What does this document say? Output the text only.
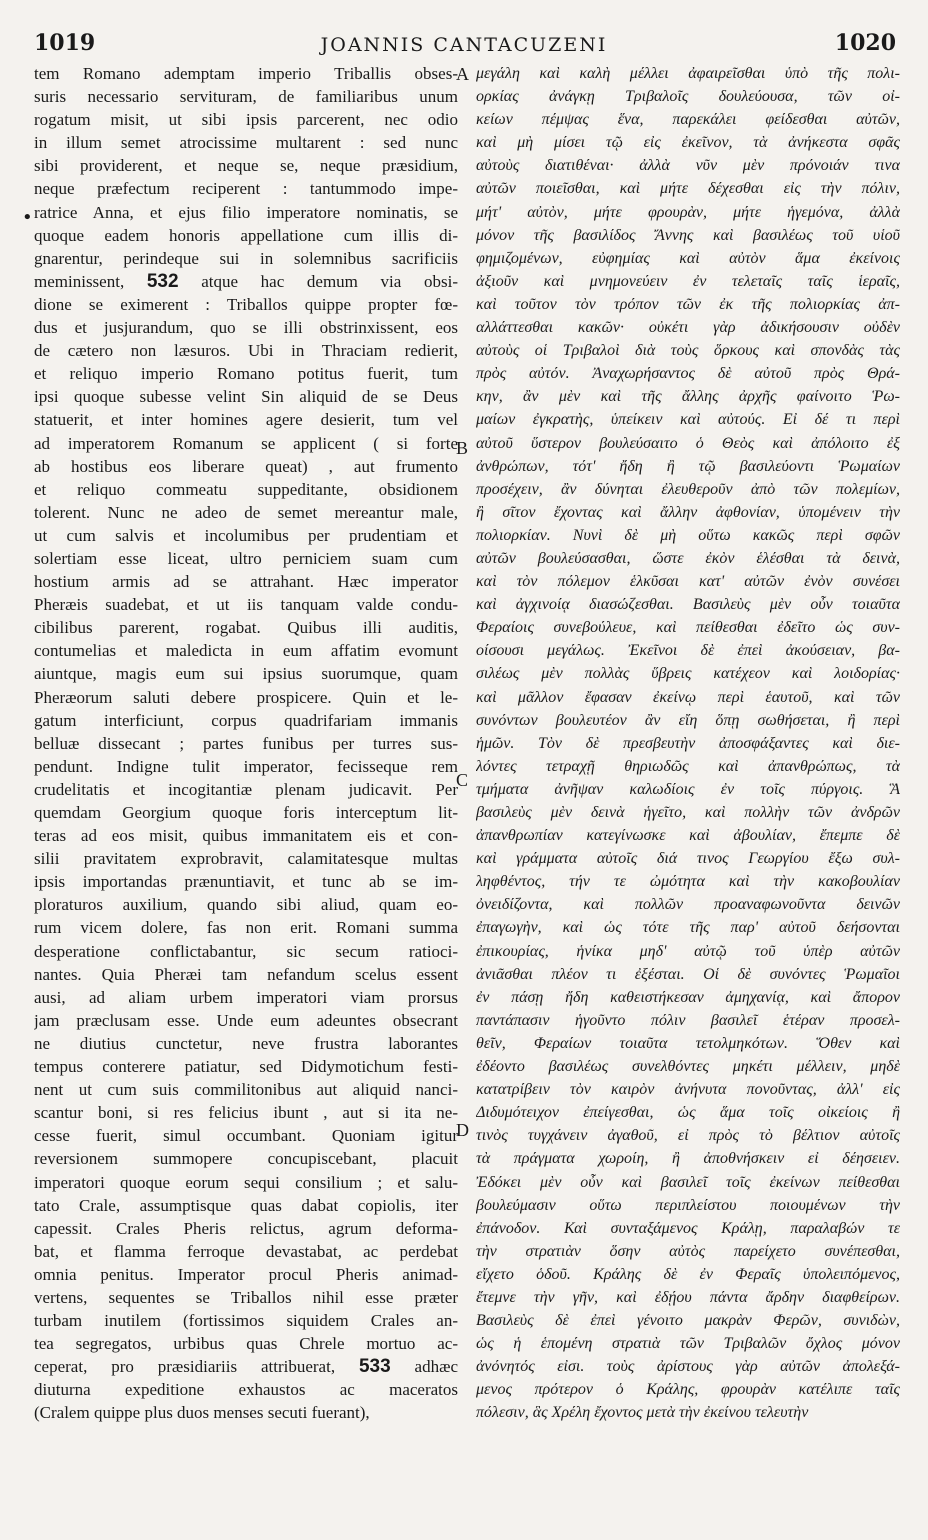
1019	JOANNIS CANTACUZENI	1020
•
tem Romano ademptam imperio Triballis obses-
suris necessario servituram, de familiaribus unum
rogatum misit, ut sibi ipsis parcerent, nec odio
in illum semet atrocissime multarent : sed nunc
sibi providerent, et neque se, neque præsidium,
neque præfectum reciperent : tantummodo impe-
ratrice Anna, et ejus filio imperatore nominatis, se
quoque eadem honoris appellatione cum illis di-
gnarentur, perindeque sui in solemnibus sacrificiis
meminissent, 532 atque hac demum via obsi-
dione se eximerent : Triballos quippe propter fœ-
dus et jusjurandum, quo se illi obstrinxissent, eos
de cætero non læsuros. Ubi in Thraciam redierit,
et reliquo imperio Romano potitus fuerit, tum
ipsi quoque subesse velint Sin aliquid de se Deus
statuerit, et inter homines agere desierit, tum vel
ad imperatorem Romanum se applicent ( si forte
ab hostibus eos liberare queat) , aut frumento
et reliquo commeatu suppeditante, obsidionem
tolerent. Nunc ne adeo de semet mereantur male,
ut cum salvis et incolumibus per prudentiam et
solertiam esse liceat, ultro perniciem suam cum
hostium armis ad se attrahant. Hæc imperator
Pheræis suadebat, et ut iis tanquam valde condu-
cibilibus parerent, rogabat. Quibus illi auditis,
contumelias et maledicta in eum affatim evomunt
aiuntque, magis eum sui ipsius suorumque, quam
Pheræorum saluti debere prospicere. Quin et le-
gatum interficiunt, corpus quadrifariam immanis
belluæ dissecant ; partes funibus per turres sus-
pendunt. Indigne tulit imperator, fecisseque rem
crudelitatis et incogitantiæ plenam judicavit. Per
quemdam Georgium quoque foris interceptum lit-
teras ad eos misit, quibus immanitatem eis et con-
silii pravitatem exprobravit, calamitatesque multas
ipsis importandas prænuntiavit, et tunc ab se im-
ploraturos auxilium, quando sibi aliud, quam eo-
rum vicem dolere, fas non erit. Romani summa
desperatione conflictabantur, sic secum ratioci-
nantes. Quia Pheræi tam nefandum scelus essent
ausi, ad aliam urbem imperatori viam prorsus
jam præclusam esse. Unde eum adeuntes obsecrant
ne diutius cunctetur, neve frustra laborantes
tempus conterere patiatur, sed Didymotichum festi-
nent ut cum suis commilitonibus aut aliquid nanci-
scantur boni, si res felicius ibunt , aut si ita ne-
cesse fuerit, simul occumbant. Quoniam igitur
reversionem summopere concupiscebant, placuit
imperatori quoque eorum sequi consilium ; et salu-
tato Crale, assumptisque quas dabat copiolis, iter
capessit. Crales Pheris relictus, agrum deforma-
bat, et flamma ferroque devastabat, ac perdebat
omnia penitus. Imperator procul Pheris animad-
vertens, sequentes se Triballos nihil esse præter
turbam inutilem (fortissimos siquidem Crales an-
tea segregatos, urbibus quas Chrele mortuo ac-
ceperat, pro præsidiariis attribuerat, 533 adhæc
diuturna expeditione exhaustos ac maceratos
(Cralem quippe plus duos menses secuti fuerant),
μεγάλη καὶ καλὴ μέλλει ἀφαιρεῖσθαι ὑπὸ τῆς πολι-
ορκίας ἀνάγκῃ Τριβαλοῖς δουλεύουσα, τῶν οἰ-
κείων πέμψας ἕνα, παρεκάλει φείδεσθαι αὐτῶν,
καὶ μὴ μίσει τῷ εἰς ἐκεῖνον, τὰ ἀνήκεστα σφᾶς
αὐτοὺς διατιθέναι· ἀλλὰ νῦν μὲν πρόνοιάν τινα
αὐτῶν ποιεῖσθαι, καὶ μήτε δέχεσθαι εἰς τὴν πόλιν,
μήτ' αὐτὸν, μήτε φρουρὰν, μήτε ἡγεμόνα, ἀλλὰ
μόνον τῆς βασιλίδος Ἄννης καὶ βασιλέως τοῦ υἱοῦ
φημιζομένων, εὐφημίας καὶ αὐτὸν ἅμα ἐκείνοις
ἀξιοῦν καὶ μνημονεύειν ἐν τελεταῖς ταῖς ἱεραῖς,
καὶ τοῦτον τὸν τρόπον τῶν ἐκ τῆς πολιορκίας ἀπ-
αλλάττεσθαι κακῶν· οὐκέτι γὰρ ἀδικήσουσιν οὐδὲν
αὐτοὺς οἱ Τριβαλοὶ διὰ τοὺς ὅρκους καὶ σπονδὰς τὰς
πρὸς αὐτόν. Ἀναχωρήσαντος δὲ αὐτοῦ πρὸς Θρά-
κην, ἂν μὲν καὶ τῆς ἄλλης ἀρχῆς φαίνοιτο Ῥω-
μαίων ἐγκρατὴς, ὑπείκειν καὶ αὐτούς. Εἰ δέ τι περὶ
αὐτοῦ ὕστερον βουλεύσαιτο ὁ Θεὸς καὶ ἀπόλοιτο ἐξ
ἀνθρώπων, τότ' ἤδη ἢ τῷ βασιλεύοντι Ῥωμαίων
προσέχειν, ἂν δύνηται ἐλευθεροῦν ἀπὸ τῶν πολεμίων,
ἢ σῖτον ἔχοντας καὶ ἄλλην ἀφθονίαν, ὑπομένειν τὴν
πολιορκίαν. Νυνὶ δὲ μὴ οὕτω κακῶς περὶ σφῶν
αὐτῶν βουλεύσασθαι, ὥστε ἐκὸν ἑλέσθαι τὰ δεινὰ,
καὶ τὸν πόλεμον ἑλκῦσαι κατ' αὐτῶν ἐνὸν συνέσει
καὶ ἀγχινοίᾳ διασώζεσθαι. Βασιλεὺς μὲν οὖν τοιαῦτα
Φεραίοις συνεβούλευε, καὶ πείθεσθαι ἐδεῖτο ὡς συν-
οίσουσι μεγάλως. Ἐκεῖνοι δὲ ἐπεὶ ἀκούσειαν, βα-
σιλέως μὲν πολλὰς ὕβρεις κατέχεον καὶ λοιδορίας·
καὶ μᾶλλον ἔφασαν ἐκείνῳ περὶ ἑαυτοῦ, καὶ τῶν
συνόντων βουλευτέον ἂν εἴη ὅπῃ σωθήσεται, ἢ περὶ
ἡμῶν. Τὸν δὲ πρεσβευτὴν ἀποσφάξαντες καὶ διε-
λόντες τετραχῇ θηριωδῶς καὶ ἀπανθρώπως, τὰ
τμήματα ἀνῆψαν καλωδίοις ἐν τοῖς πύργοις. Ἃ
βασιλεὺς μὲν δεινὰ ἡγεῖτο, καὶ πολλὴν τῶν ἀνδρῶν
ἀπανθρωπίαν κατεγίνωσκε καὶ ἀβουλίαν, ἔπεμπε δὲ
καὶ γράμματα αὐτοῖς διά τινος Γεωργίου ἔξω συλ-
ληφθέντος, τήν τε ὠμότητα καὶ τὴν κακοβουλίαν
ὀνειδίζοντα, καὶ πολλῶν προαναφωνοῦντα δεινῶν
ἐπαγωγὴν, καὶ ὡς τότε τῆς παρ' αὐτοῦ δεήσονται
ἐπικουρίας, ἡνίκα μηδ' αὐτῷ τοῦ ὑπὲρ αὐτῶν
ἀνιᾶσθαι πλέον τι ἐξέσται. Οἱ δὲ συνόντες Ῥωμαῖοι
ἐν πάσῃ ἤδη καθειστήκεσαν ἀμηχανίᾳ, καὶ ἄπορον
παντάπασιν ἡγοῦντο πόλιν βασιλεῖ ἑτέραν προσελ-
θεῖν, Φεραίων τοιαῦτα τετολμηκότων. Ὅθεν καὶ
ἐδέοντο βασιλέως συνελθόντες μηκέτι μέλλειν, μηδὲ
κατατρίβειν τὸν καιρὸν ἀνήνυτα πονοῦντας, ἀλλ' εἰς
Διδυμότειχον ἐπείγεσθαι, ὡς ἅμα τοῖς οἰκείοις ἢ
τινὸς τυγχάνειν ἀγαθοῦ, εἰ πρὸς τὸ βέλτιον αὐτοῖς
τὰ πράγματα χωροίη, ἢ ἀποθνήσκειν εἰ δέησειεν.
Ἐδόκει μὲν οὖν καὶ βασιλεῖ τοῖς ἐκείνων πείθεσθαι
βουλεύμασιν οὕτω περιπλείστου ποιουμένων τὴν
ἐπάνοδον. Καὶ συνταξάμενος Κράλῃ, παραλαβών τε
τὴν στρατιὰν ὅσην αὐτὸς παρείχετο συνέπεσθαι,
εἴχετο ὁδοῦ. Κράλης δὲ ἐν Φεραῖς ὑπολειπόμενος,
ἔτεμνε τὴν γῆν, καὶ ἐδῄου πάντα ἄρδην διαφθείρων.
Βασιλεὺς δὲ ἐπεὶ γένοιτο μακρὰν Φερῶν, συνιδὼν,
ὡς ἡ ἑπομένη στρατιὰ τῶν Τριβαλῶν ὄχλος μόνον
ἀνόνητός εἰσι. τοὺς ἀρίστους γὰρ αὐτῶν ἀπολεξά-
μενος πρότερον ὁ Κράλης, φρουρὰν κατέλιπε ταῖς
πόλεσιν, ἃς Χρέλη ἔχοντος μετὰ τὴν ἐκείνου τελευτὴν
A
B
C
D
